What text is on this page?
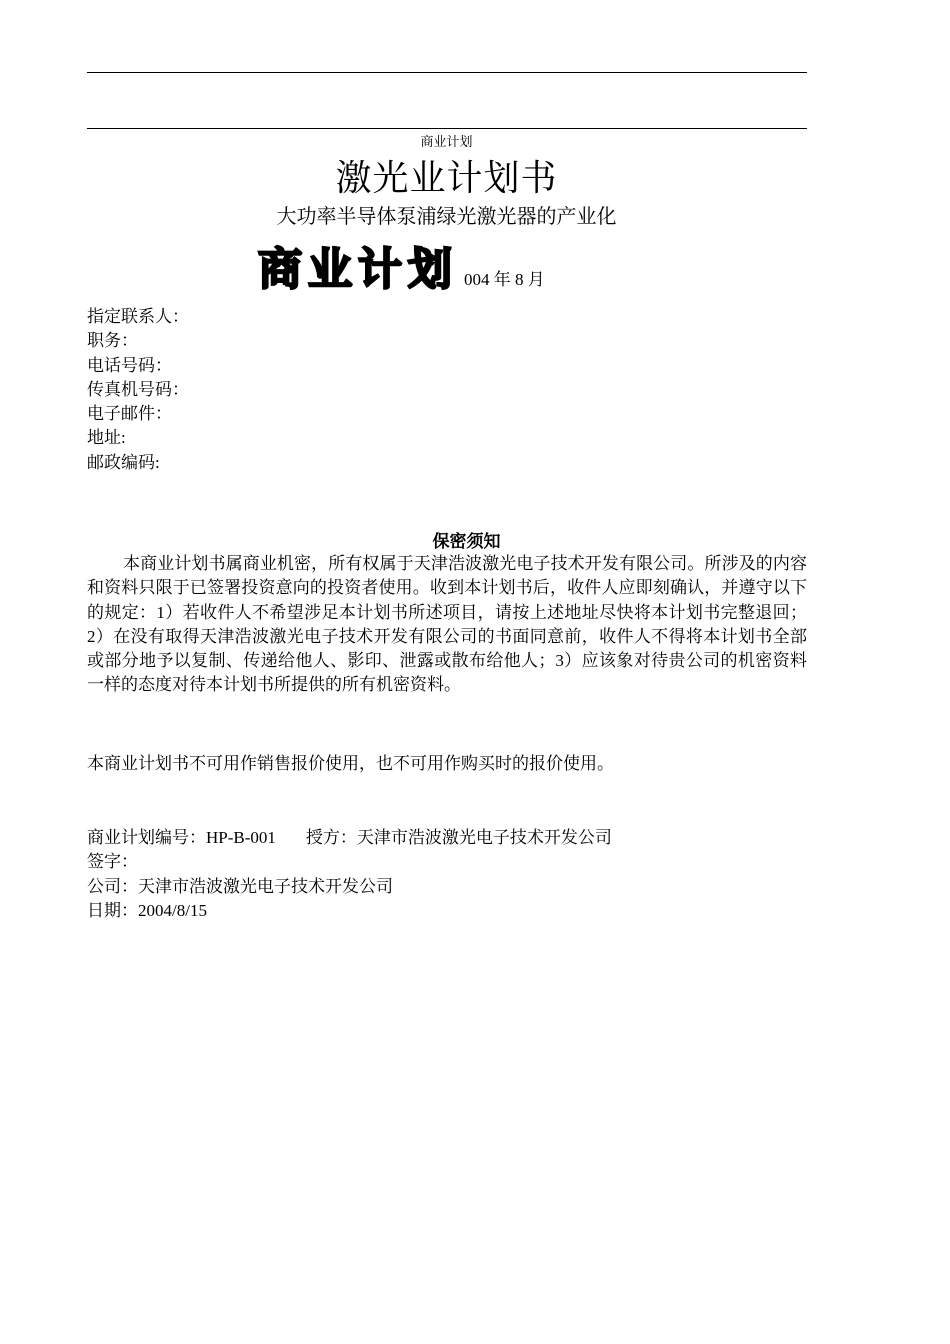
商业计划
激光业计划书
大功率半导体泵浦绿光激光器的产业化
商业计划 004 年 8 月
指定联系人：
职务：
电话号码：
传真机号码：
电子邮件：
地址:
邮政编码:
保密须知
本商业计划书属商业机密，所有权属于天津浩波激光电子技术开发有限公司。所涉及的内容和资料只限于已签署投资意向的投资者使用。收到本计划书后，收件人应即刻确认，并遵守以下的规定：1）若收件人不希望涉足本计划书所述项目，请按上述地址尽快将本计划书完整退回；2）在没有取得天津浩波激光电子技术开发有限公司的书面同意前，收件人不得将本计划书全部或部分地予以复制、传递给他人、影印、泄露或散布给他人；3）应该象对待贵公司的机密资料一样的态度对待本计划书所提供的所有机密资料。
本商业计划书不可用作销售报价使用，也不可用作购买时的报价使用。
商业计划编号：HP-B-001 授方：天津市浩波激光电子技术开发公司
签字：
公司：天津市浩波激光电子技术开发公司
日期：2004/8/15
